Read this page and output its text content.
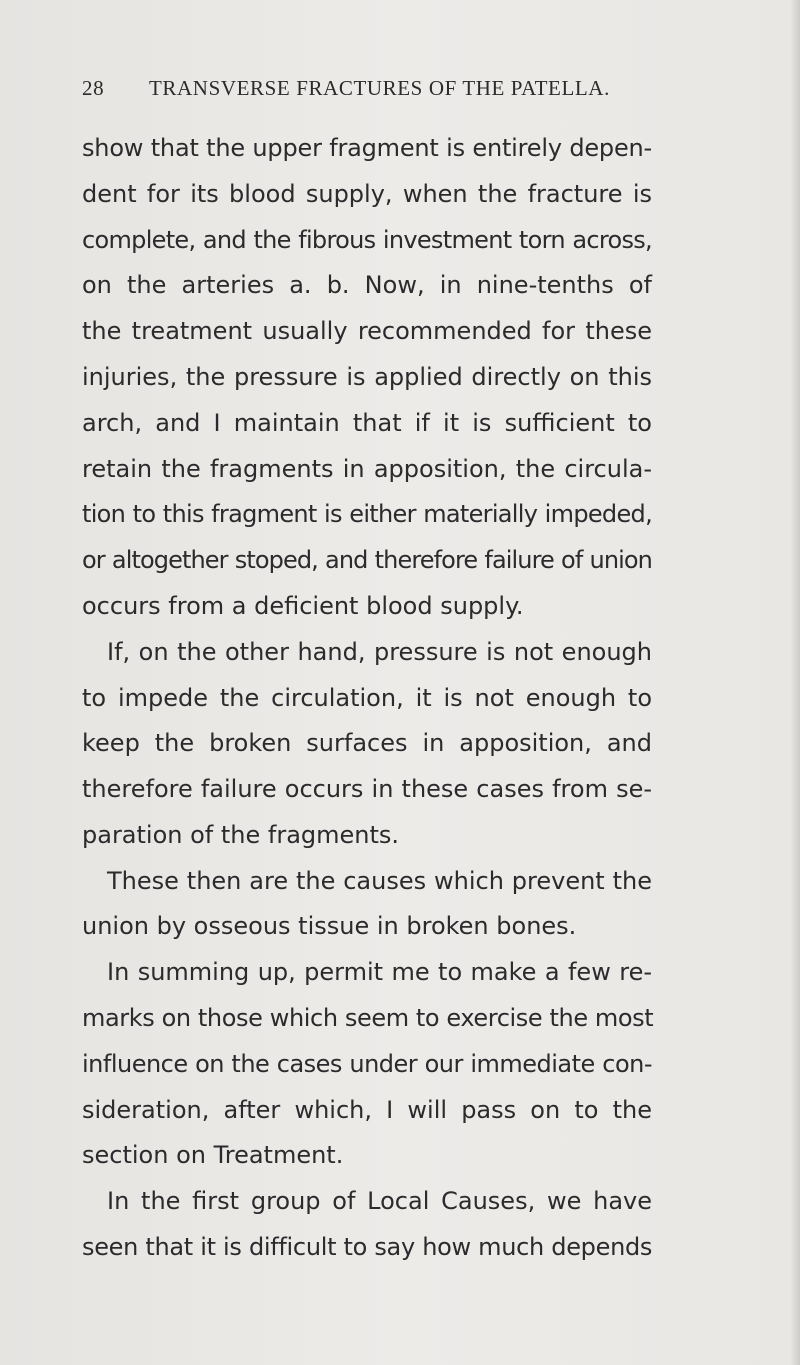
28 TRANSVERSE FRACTURES OF THE PATELLA.
show that the upper fragment is entirely depen-
dent for its blood supply, when the fracture is
complete, and the fibrous investment torn across,
on the arteries a. b. Now, in nine-tenths of
the treatment usually recommended for these
injuries, the pressure is applied directly on this
arch, and I maintain that if it is sufficient to
retain the fragments in apposition, the circula-
tion to this fragment is either materially impeded,
or altogether stoped, and therefore failure of union
occurs from a deficient blood supply.
If, on the other hand, pressure is not enough
to impede the circulation, it is not enough to
keep the broken surfaces in apposition, and
therefore failure occurs in these cases from se-
paration of the fragments.
These then are the causes which prevent the
union by osseous tissue in broken bones.
In summing up, permit me to make a few re-
marks on those which seem to exercise the most
influence on the cases under our immediate con-
sideration, after which, I will pass on to the
section on Treatment.
In the first group of Local Causes, we have
seen that it is difficult to say how much depends
